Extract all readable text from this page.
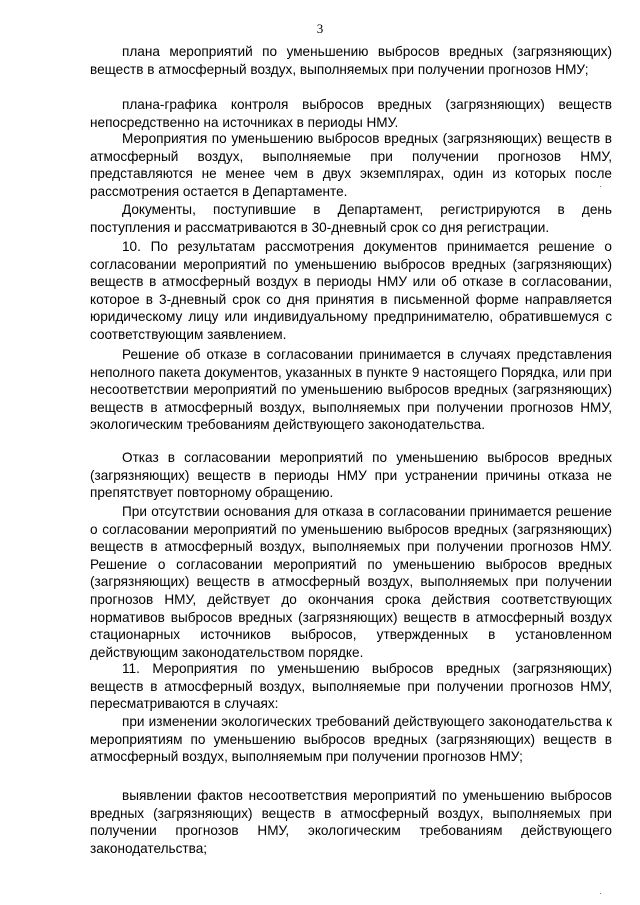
3

плана мероприятий по уменьшению выбросов вредных (загрязняющих) веществ в атмосферный воздух, выполняемых при получении прогнозов НМУ;

плана-графика контроля выбросов вредных (загрязняющих) веществ непосредственно на источниках в периоды НМУ.

Мероприятия по уменьшению выбросов вредных (загрязняющих) веществ в атмосферный воздух, выполняемые при получении прогнозов НМУ, представляются не менее чем в двух экземплярах, один из которых после рассмотрения остается в Департаменте.

Документы, поступившие в Департамент, регистрируются в день поступления и рассматриваются в 30-дневный срок со дня регистрации.

10. По результатам рассмотрения документов принимается решение о согласовании мероприятий по уменьшению выбросов вредных (загрязняющих) веществ в атмосферный воздух в периоды НМУ или об отказе в согласовании, которое в 3-дневный срок со дня принятия в письменной форме направляется юридическому лицу или индивидуальному предпринимателю, обратившемуся с соответствующим заявлением.

Решение об отказе в согласовании принимается в случаях представления неполного пакета документов, указанных в пункте 9 настоящего Порядка, или при несоответствии мероприятий по уменьшению выбросов вредных (загрязняющих) веществ в атмосферный воздух, выполняемых при получении прогнозов НМУ, экологическим требованиям действующего законодательства.

Отказ в согласовании мероприятий по уменьшению выбросов вредных (загрязняющих) веществ в периоды НМУ при устранении причины отказа не препятствует повторному обращению.

При отсутствии основания для отказа в согласовании принимается решение о согласовании мероприятий по уменьшению выбросов вредных (загрязняющих) веществ в атмосферный воздух, выполняемых при получении прогнозов НМУ. Решение о согласовании мероприятий по уменьшению выбросов вредных (загрязняющих) веществ в атмосферный воздух, выполняемых при получении прогнозов НМУ, действует до окончания срока действия соответствующих нормативов выбросов вредных (загрязняющих) веществ в атмосферный воздух стационарных источников выбросов, утвержденных в установленном действующим законодательством порядке.

11. Мероприятия по уменьшению выбросов вредных (загрязняющих) веществ в атмосферный воздух, выполняемые при получении прогнозов НМУ, пересматриваются в случаях:

при изменении экологических требований действующего законодательства к мероприятиям по уменьшению выбросов вредных (загрязняющих) веществ в атмосферный воздух, выполняемым при получении прогнозов НМУ;

выявлении фактов несоответствия мероприятий по уменьшению выбросов вредных (загрязняющих) веществ в атмосферный воздух, выполняемых при получении прогнозов НМУ, экологическим требованиям действующего законодательства;
